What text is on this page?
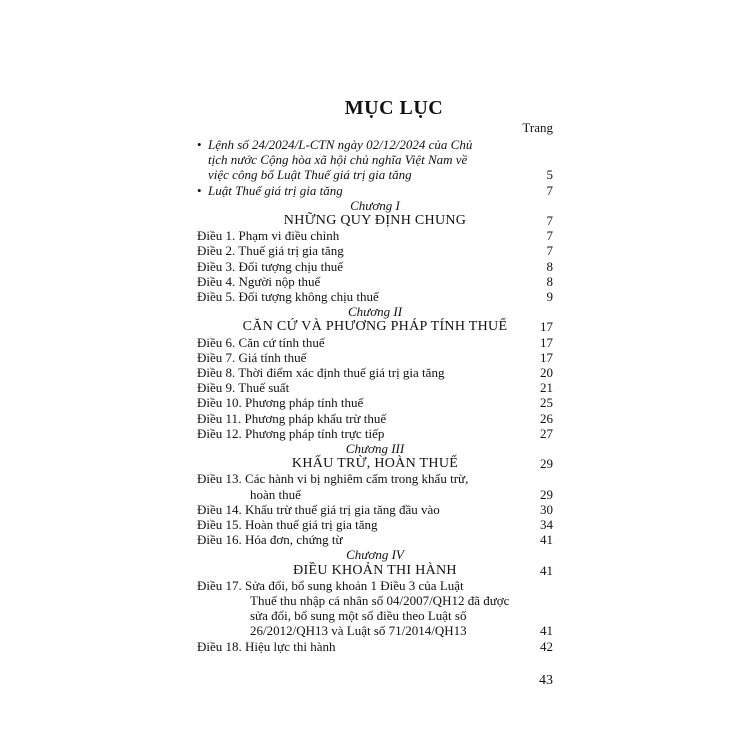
MỤC LỤC
Trang
• Lệnh số 24/2024/L-CTN ngày 02/12/2024 của Chủ
tịch nước Cộng hòa xã hội chủ nghĩa Việt Nam về
việc công bố Luật Thuế giá trị gia tăng	5
• Luật Thuế giá trị gia tăng	7
Chương I
NHỮNG QUY ĐỊNH CHUNG	7
Điều 1. Phạm vi điều chỉnh	7
Điều 2. Thuế giá trị gia tăng	7
Điều 3. Đối tượng chịu thuế	8
Điều 4. Người nộp thuế	8
Điều 5. Đối tượng không chịu thuế	9
Chương II
CĂN CỨ VÀ PHƯƠNG PHÁP TÍNH THUẾ	17
Điều 6. Căn cứ tính thuế	17
Điều 7. Giá tính thuế	17
Điều 8. Thời điểm xác định thuế giá trị gia tăng	20
Điều 9. Thuế suất	21
Điều 10. Phương pháp tính thuế	25
Điều 11. Phương pháp khấu trừ thuế	26
Điều 12. Phương pháp tính trực tiếp	27
Chương III
KHẤU TRỪ, HOÀN THUẾ	29
Điều 13. Các hành vi bị nghiêm cấm trong khấu trừ,
hoàn thuế	29
Điều 14. Khấu trừ thuế giá trị gia tăng đầu vào	30
Điều 15. Hoàn thuế giá trị gia tăng	34
Điều 16. Hóa đơn, chứng từ	41
Chương IV
ĐIỀU KHOẢN THI HÀNH	41
Điều 17. Sửa đổi, bổ sung khoản 1 Điều 3 của Luật
Thuế thu nhập cá nhân số 04/2007/QH12 đã được
sửa đổi, bổ sung một số điều theo Luật số
26/2012/QH13 và Luật số 71/2014/QH13	41
Điều 18. Hiệu lực thi hành	42
43
